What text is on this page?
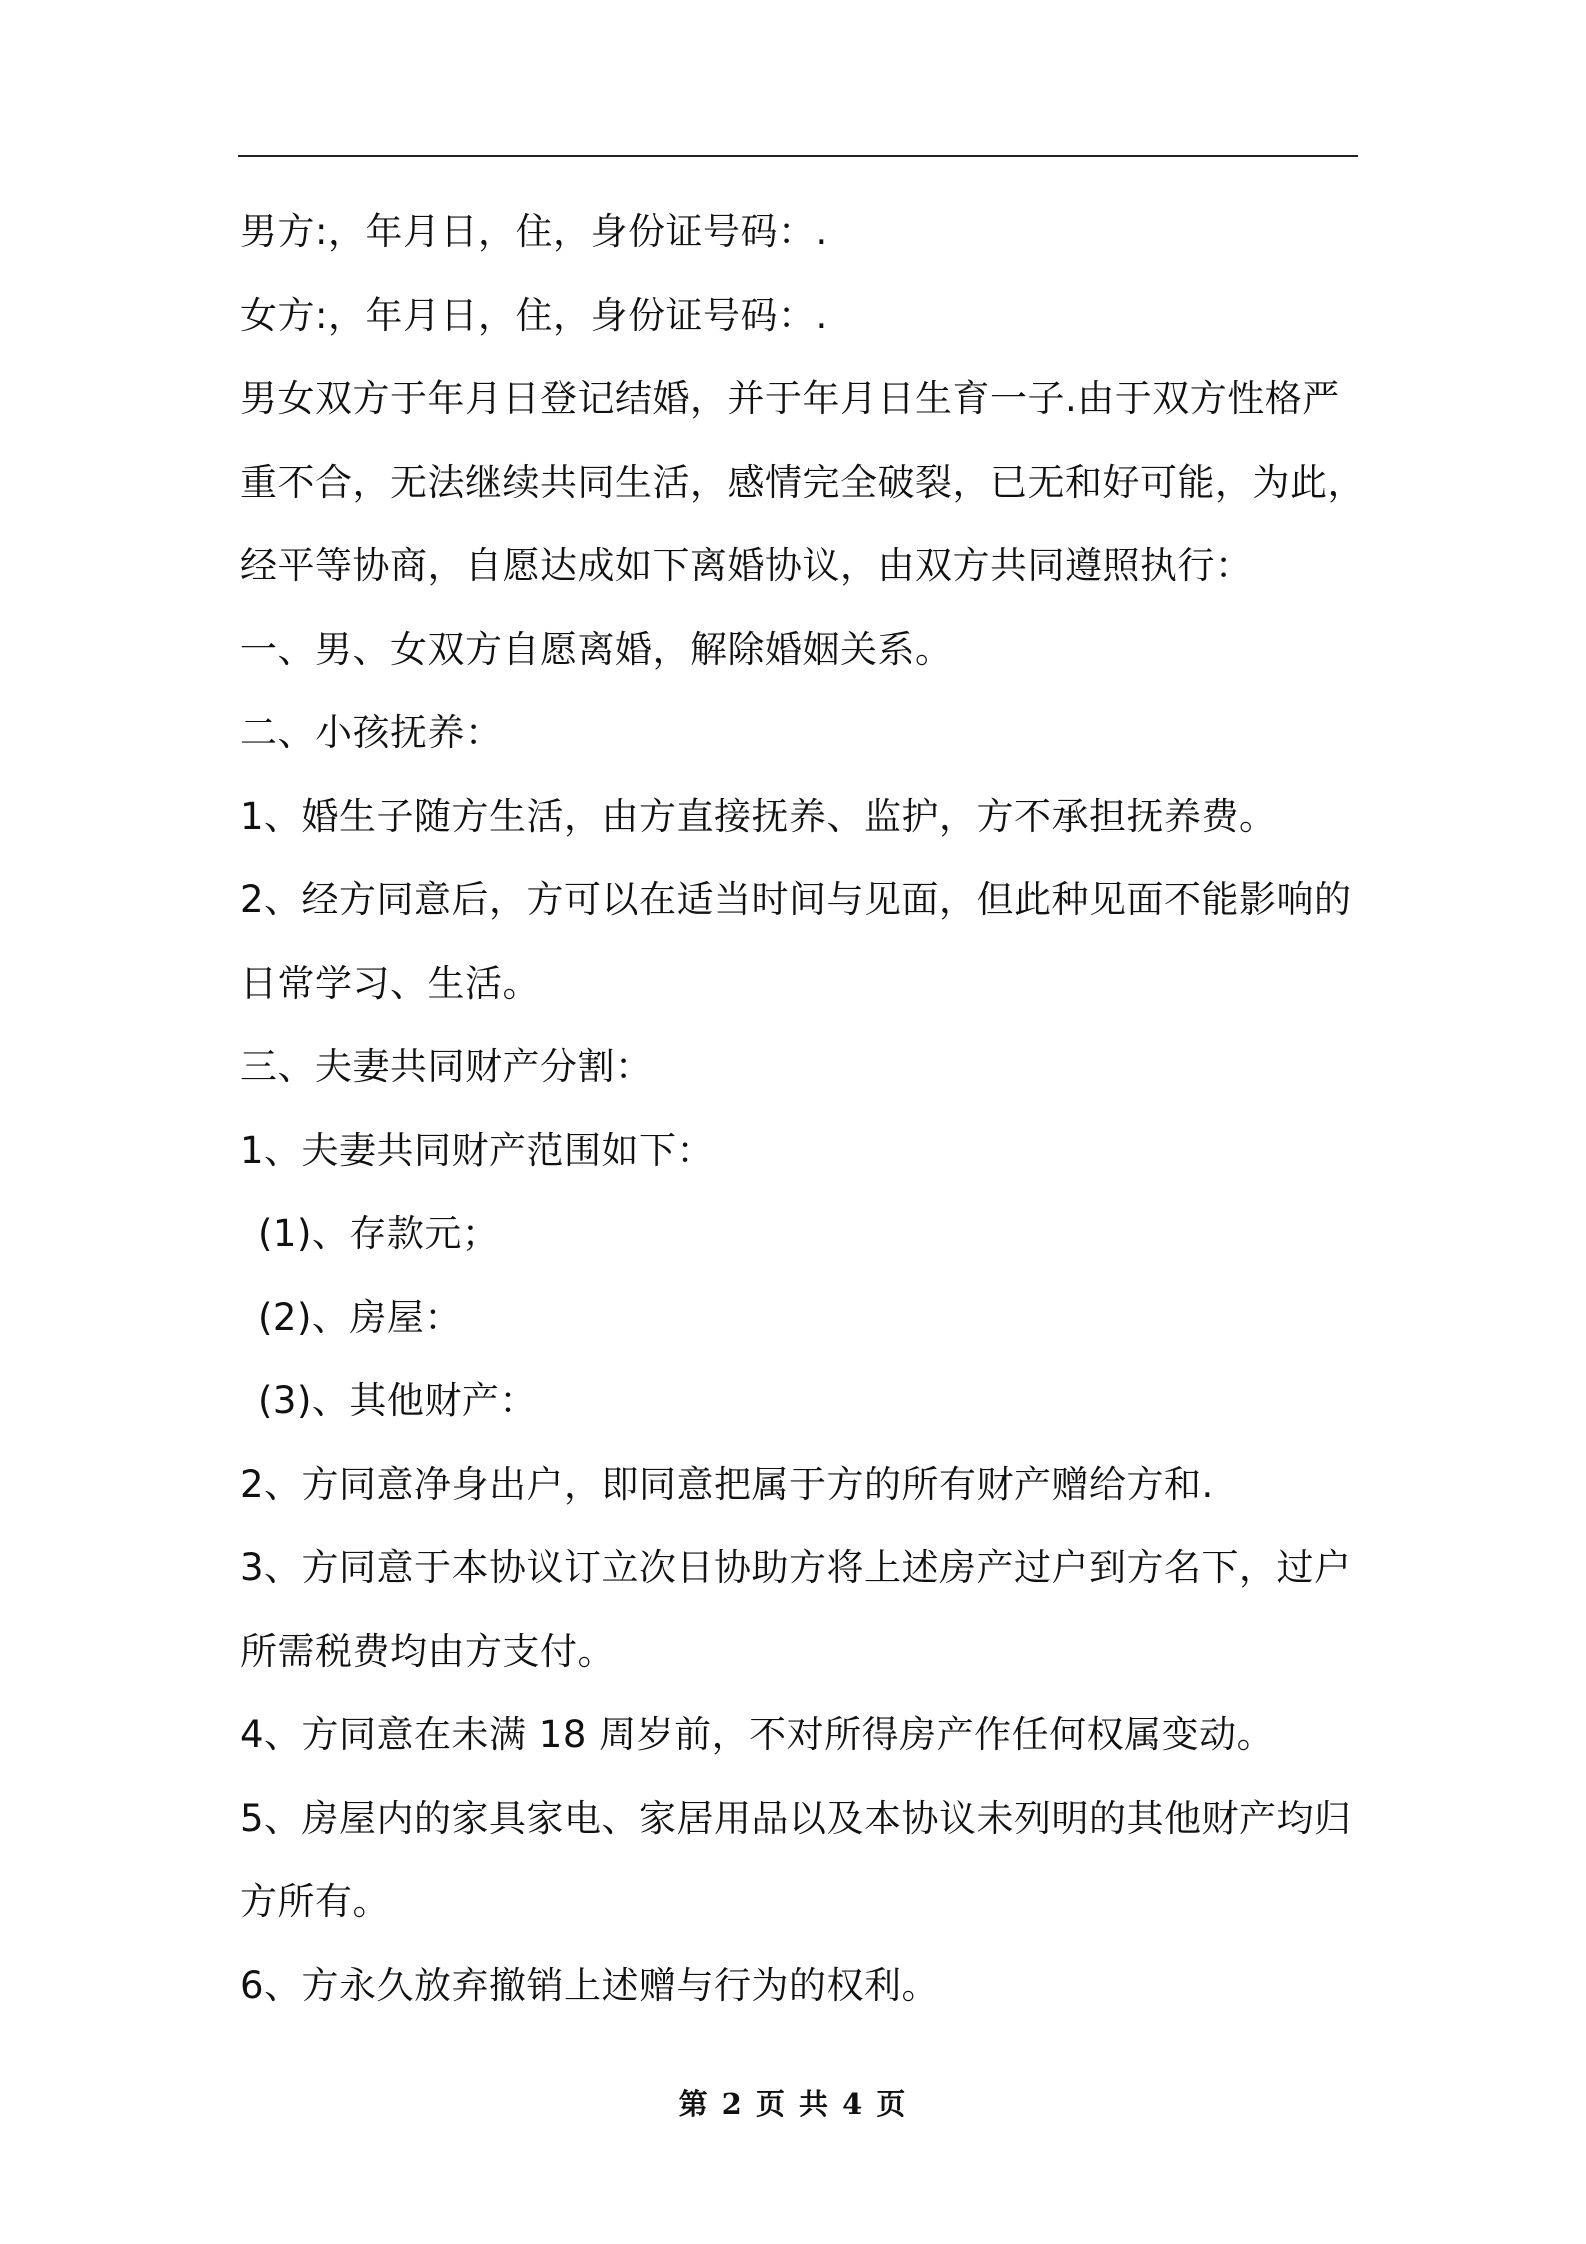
男方:，年月日，住，身份证号码：.
女方:，年月日，住，身份证号码：.
男女双方于年月日登记结婚，并于年月日生育一子.由于双方性格严
重不合，无法继续共同生活，感情完全破裂，已无和好可能，为此，
经平等协商，自愿达成如下离婚协议，由双方共同遵照执行：
一、男、女双方自愿离婚，解除婚姻关系。
二、小孩抚养：
1、婚生子随方生活，由方直接抚养、监护，方不承担抚养费。
2、经方同意后，方可以在适当时间与见面，但此种见面不能影响的
日常学习、生活。
三、夫妻共同财产分割：
1、夫妻共同财产范围如下：
(1)、存款元；
(2)、房屋：
(3)、其他财产：
2、方同意净身出户，即同意把属于方的所有财产赠给方和.
3、方同意于本协议订立次日协助方将上述房产过户到方名下，过户
所需税费均由方支付。
4、方同意在未满 18 周岁前，不对所得房产作任何权属变动。
5、房屋内的家具家电、家居用品以及本协议未列明的其他财产均归
方所有。
6、方永久放弃撤销上述赠与行为的权利。
第 2 页 共 4 页
